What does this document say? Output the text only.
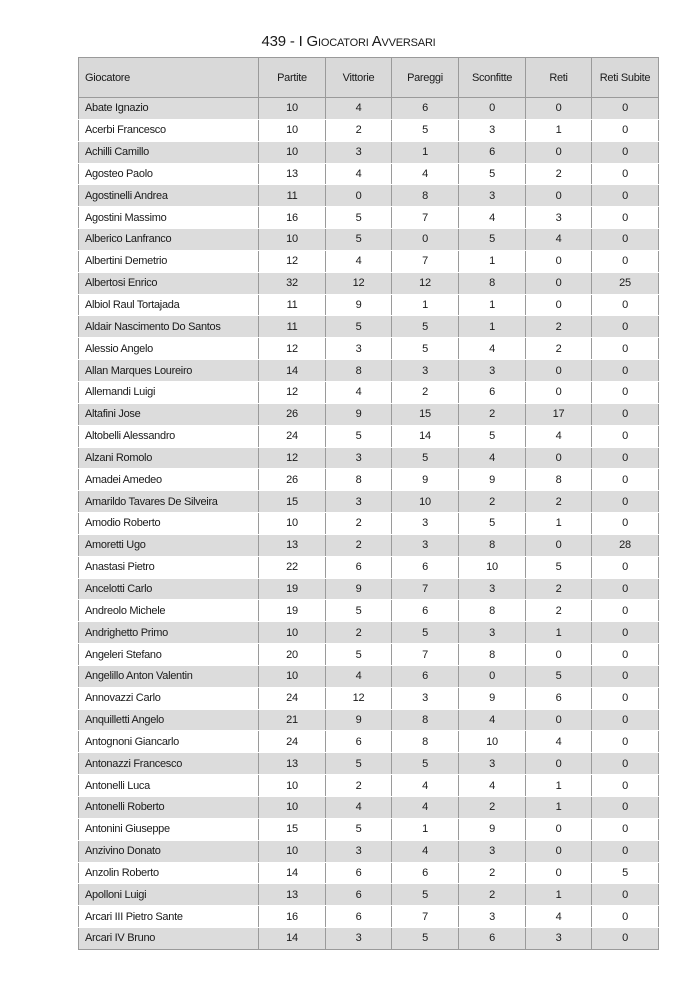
439 - I Giocatori Avversari
Giocatore	Partite	Vittorie	Pareggi	Sconfitte	Reti	Reti Subite
Abate Ignazio	10	4	6	0	0	0
Acerbi Francesco	10	2	5	3	1	0
Achilli Camillo	10	3	1	6	0	0
Agosteo Paolo	13	4	4	5	2	0
Agostinelli Andrea	11	0	8	3	0	0
Agostini Massimo	16	5	7	4	3	0
Alberico Lanfranco	10	5	0	5	4	0
Albertini Demetrio	12	4	7	1	0	0
Albertosi Enrico	32	12	12	8	0	25
Albiol Raul Tortajada	11	9	1	1	0	0
Aldair Nascimento Do Santos	11	5	5	1	2	0
Alessio Angelo	12	3	5	4	2	0
Allan Marques Loureiro	14	8	3	3	0	0
Allemandi Luigi	12	4	2	6	0	0
Altafini Jose	26	9	15	2	17	0
Altobelli Alessandro	24	5	14	5	4	0
Alzani Romolo	12	3	5	4	0	0
Amadei Amedeo	26	8	9	9	8	0
Amarildo Tavares De Silveira	15	3	10	2	2	0
Amodio Roberto	10	2	3	5	1	0
Amoretti Ugo	13	2	3	8	0	28
Anastasi Pietro	22	6	6	10	5	0
Ancelotti Carlo	19	9	7	3	2	0
Andreolo Michele	19	5	6	8	2	0
Andrighetto Primo	10	2	5	3	1	0
Angeleri Stefano	20	5	7	8	0	0
Angelillo Anton Valentin	10	4	6	0	5	0
Annovazzi Carlo	24	12	3	9	6	0
Anquilletti Angelo	21	9	8	4	0	0
Antognoni Giancarlo	24	6	8	10	4	0
Antonazzi Francesco	13	5	5	3	0	0
Antonelli Luca	10	2	4	4	1	0
Antonelli Roberto	10	4	4	2	1	0
Antonini Giuseppe	15	5	1	9	0	0
Anzivino Donato	10	3	4	3	0	0
Anzolin Roberto	14	6	6	2	0	5
Apolloni Luigi	13	6	5	2	1	0
Arcari III Pietro Sante	16	6	7	3	4	0
Arcari IV Bruno	14	3	5	6	3	0
